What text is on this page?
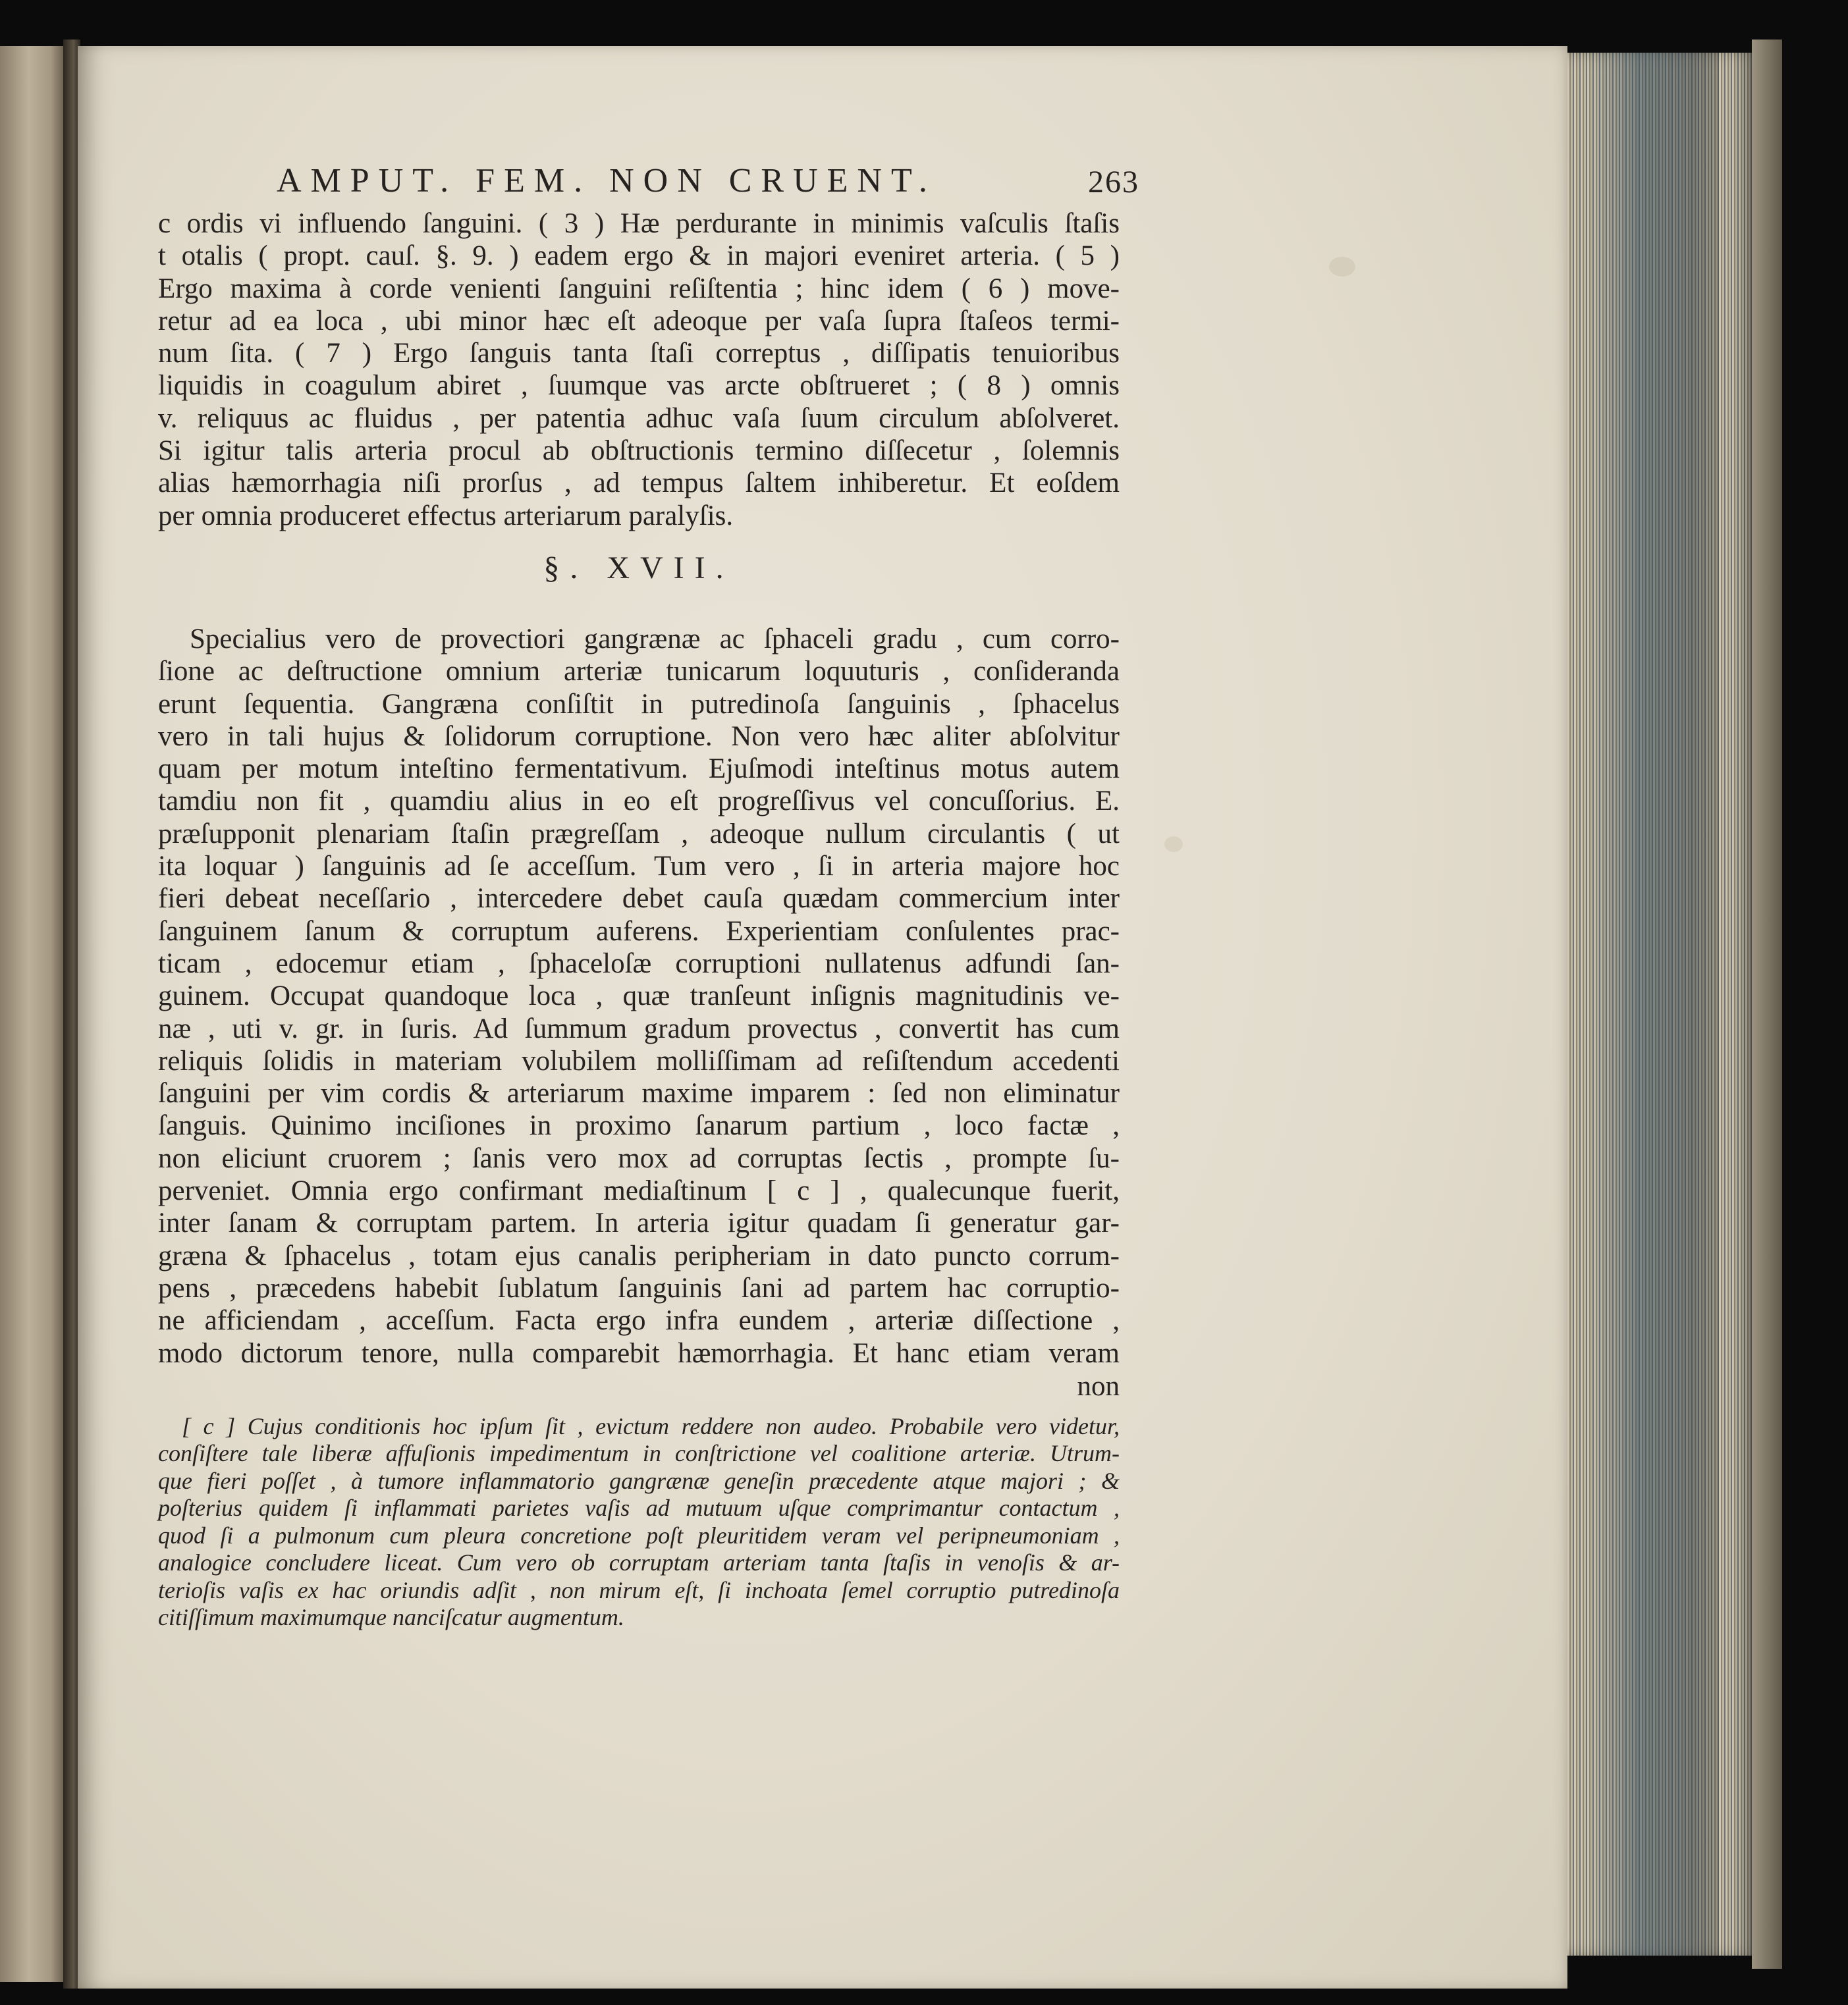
AMPUT. FEM. NON CRUENT.	263
c ordis vi influendo ſanguini. ( 3 ) Hæ perdurante in minimis vaſculis ſtaſis
t otalis ( propt. cauſ. §. 9. ) eadem ergo & in majori eveniret arteria. ( 5 )
Ergo maxima à corde venienti ſanguini reſiſtentia ; hinc idem ( 6 ) move-
retur ad ea loca , ubi minor hæc eſt adeoque per vaſa ſupra ſtaſeos termi-
num ſita. ( 7 ) Ergo ſanguis tanta ſtaſi correptus , diſſipatis tenuioribus
liquidis in coagulum abiret , ſuumque vas arcte obſtrueret ; ( 8 ) omnis
v. reliquus ac fluidus , per patentia adhuc vaſa ſuum circulum abſolveret.
Si igitur talis arteria procul ab obſtructionis termino diſſecetur , ſolemnis
alias hæmorrhagia niſi prorſus , ad tempus ſaltem inhiberetur. Et eoſdem
per omnia produceret effectus arteriarum paralyſis.
§. XVII.
Specialius vero de provectiori gangrænæ ac ſphaceli gradu , cum corro-
ſione ac deſtructione omnium arteriæ tunicarum loquuturis , conſideranda
erunt ſequentia. Gangræna conſiſtit in putredinoſa ſanguinis , ſphacelus
vero in tali hujus & ſolidorum corruptione. Non vero hæc aliter abſolvitur
quam per motum inteſtino fermentativum. Ejuſmodi inteſtinus motus autem
tamdiu non fit , quamdiu alius in eo eſt progreſſivus vel concuſſorius. E.
præſupponit plenariam ſtaſin prægreſſam , adeoque nullum circulantis ( ut
ita loquar ) ſanguinis ad ſe acceſſum. Tum vero , ſi in arteria majore hoc
fieri debeat neceſſario , intercedere debet cauſa quædam commercium inter
ſanguinem ſanum & corruptum auferens. Experientiam conſulentes prac-
ticam , edocemur etiam , ſphaceloſæ corruptioni nullatenus adfundi ſan-
guinem. Occupat quandoque loca , quæ tranſeunt inſignis magnitudinis ve-
næ , uti v. gr. in ſuris. Ad ſummum gradum provectus , convertit has cum
reliquis ſolidis in materiam volubilem molliſſimam ad reſiſtendum accedenti
ſanguini per vim cordis & arteriarum maxime imparem : ſed non eliminatur
ſanguis. Quinimo inciſiones in proximo ſanarum partium , loco factæ ,
non eliciunt cruorem ; ſanis vero mox ad corruptas ſectis , prompte ſu-
perveniet. Omnia ergo confirmant mediaſtinum [ c ] , qualecunque fuerit,
inter ſanam & corruptam partem. In arteria igitur quadam ſi generatur gar-
græna & ſphacelus , totam ejus canalis peripheriam in dato puncto corrum-
pens , præcedens habebit ſublatum ſanguinis ſani ad partem hac corruptio-
ne afficiendam , acceſſum. Facta ergo infra eundem , arteriæ diſſectione ,
modo dictorum tenore, nulla comparebit hæmorrhagia. Et hanc etiam veram
non
[ c ] Cujus conditionis hoc ipſum ſit , evictum reddere non audeo. Probabile vero videtur,
conſiſtere tale liberæ affuſionis impedimentum in conſtrictione vel coalitione arteriæ. Utrum-
que fieri poſſet , à tumore inflammatorio gangrænæ geneſin præcedente atque majori ; &
poſterius quidem ſi inflammati parietes vaſis ad mutuum uſque comprimantur contactum ,
quod ſi a pulmonum cum pleura concretione poſt pleuritidem veram vel peripneumoniam ,
analogice concludere liceat. Cum vero ob corruptam arteriam tanta ſtaſis in venoſis & ar-
terioſis vaſis ex hac oriundis adſit , non mirum eſt, ſi inchoata ſemel corruptio putredinoſa
citiſſimum maximumque nanciſcatur augmentum.
